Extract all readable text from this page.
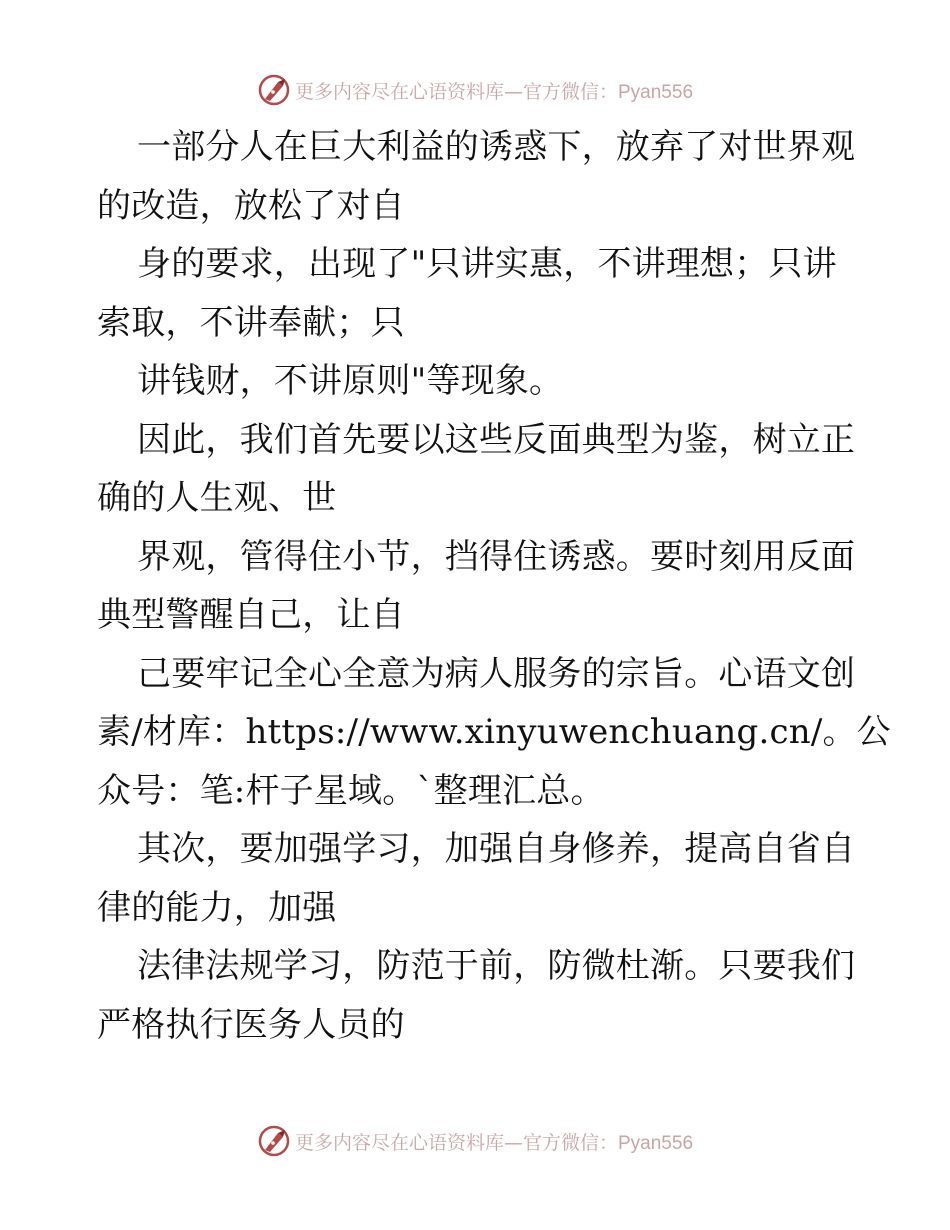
更多内容尽在心语资料库—官方微信：Pyan556
一部分人在巨大利益的诱惑下，放弃了对世界观
的改造，放松了对自
身的要求，出现了"只讲实惠，不讲理想；只讲
索取，不讲奉献；只
讲钱财，不讲原则"等现象。
因此，我们首先要以这些反面典型为鉴，树立正
确的人生观、世
界观，管得住小节，挡得住诱惑。要时刻用反面
典型警醒自己，让自
己要牢记全心全意为病人服务的宗旨。心语文创
素/材库：https://www.xinyuwenchuang.cn/。公
众号：笔:杆子星域。`整理汇总。
其次，要加强学习，加强自身修养，提高自省自
律的能力，加强
法律法规学习，防范于前，防微杜渐。只要我们
严格执行医务人员的
更多内容尽在心语资料库—官方微信：Pyan556
